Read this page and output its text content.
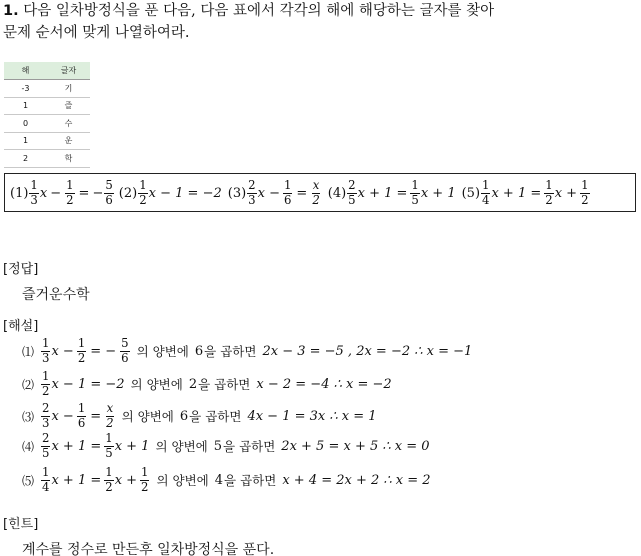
1. 다음 일차방정식을 푼 다음, 다음 표에서 각각의 해에 해당하는 글자를 찾아
문제 순서에 맞게 나열하여라.
해	글자
-3	기
1	즐
0	수
1	운
2	학
$(1) \frac{1}{3}$ $x - \frac{1}{2}$ = − $\frac{5}{6} (2) \frac{1}{2}$ x − 1 = −2 $(3) \frac{2}{3}$ $x - \frac{1}{6} = \frac{x}{2} (4) \frac{2}{5}$ $x + 1 = \frac{1}{5}$ x + 1 $(5) \frac{1}{4}$ $x + 1 = \frac{1}{2}$ $x + \frac{1}{2}$
[정답]
즐거운수학
[해설]
⑴ $\frac{1}{3}$ $x - \frac{1}{2}$ = − $\frac{5}{6}$ 의 양변에 6 을 곱하면 2x − 3 = −5 , 2x = −2 ∴ x = −1
⑵ $\frac{1}{2}$ x − 1 = −2 의 양변에 2 을 곱하면 x − 2 = −4 ∴ x = −2
⑶ $\frac{2}{3}$ $x - \frac{1}{6} = \frac{x}{2}$ 의 양변에 6 을 곱하면 4x − 1 = 3x ∴ x = 1
⑷ $\frac{2}{5}$ $x + 1 = \frac{1}{5}$ x + 1 의 양변에 5 을 곱하면 2x + 5 = x + 5 ∴ x = 0
⑸ $\frac{1}{4}$ $x + 1 = \frac{1}{2}$ $x + \frac{1}{2}$ 의 양변에 4 을 곱하면 x + 4 = 2x + 2 ∴ x = 2
[힌트]
계수를 정수로 만든후 일차방정식을 푼다.
